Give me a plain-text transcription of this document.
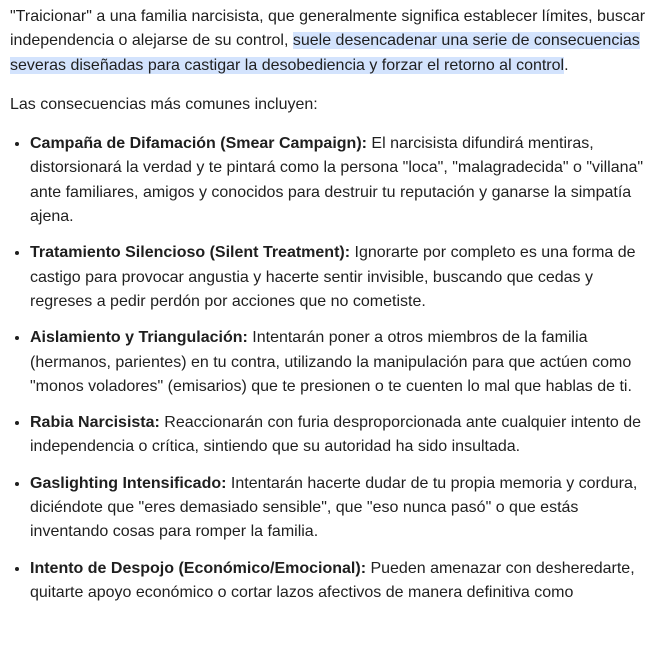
"Traicionar" a una familia narcisista, que generalmente significa establecer límites, buscar independencia o alejarse de su control, suele desencadenar una serie de consecuencias severas diseñadas para castigar la desobediencia y forzar el retorno al control.

Las consecuencias más comunes incluyen:

• Campaña de Difamación (Smear Campaign): El narcisista difundirá mentiras, distorsionará la verdad y te pintará como la persona "loca", "malagradecida" o "villana" ante familiares, amigos y conocidos para destruir tu reputación y ganarse la simpatía ajena.
• Tratamiento Silencioso (Silent Treatment): Ignorarte por completo es una forma de castigo para provocar angustia y hacerte sentir invisible, buscando que cedas y regreses a pedir perdón por acciones que no cometiste.
• Aislamiento y Triangulación: Intentarán poner a otros miembros de la familia (hermanos, parientes) en tu contra, utilizando la manipulación para que actúen como "monos voladores" (emisarios) que te presionen o te cuenten lo mal que hablas de ti.
• Rabia Narcisista: Reaccionarán con furia desproporcionada ante cualquier intento de independencia o crítica, sintiendo que su autoridad ha sido insultada.
• Gaslighting Intensificado: Intentarán hacerte dudar de tu propia memoria y cordura, diciéndote que "eres demasiado sensible", que "eso nunca pasó" o que estás inventando cosas para romper la familia.
• Intento de Despojo (Económico/Emocional): Pueden amenazar con desheredarte, quitarte apoyo económico o cortar lazos afectivos de manera definitiva como
